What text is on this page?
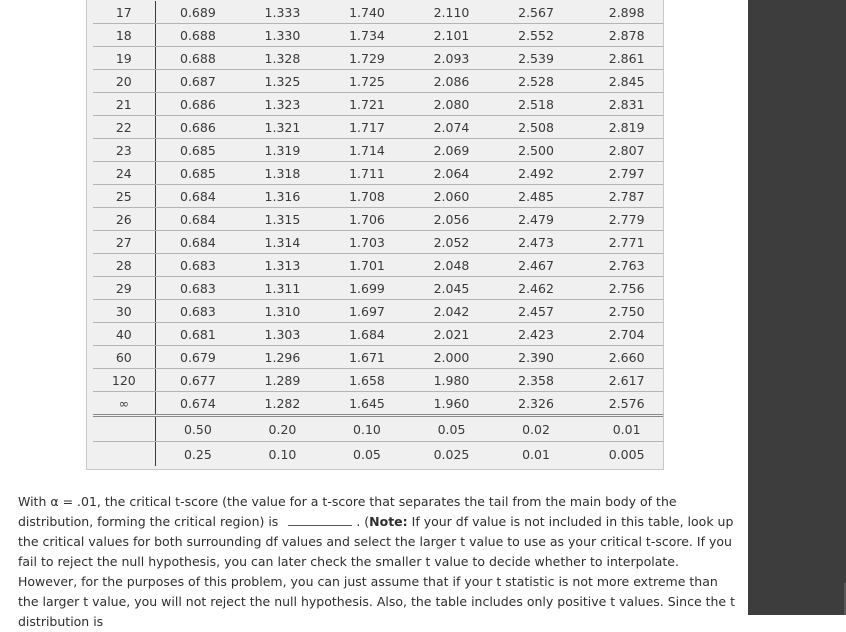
17	0.689	1.333	1.740	2.110	2.567	2.898
18	0.688	1.330	1.734	2.101	2.552	2.878
19	0.688	1.328	1.729	2.093	2.539	2.861
20	0.687	1.325	1.725	2.086	2.528	2.845
21	0.686	1.323	1.721	2.080	2.518	2.831
22	0.686	1.321	1.717	2.074	2.508	2.819
23	0.685	1.319	1.714	2.069	2.500	2.807
24	0.685	1.318	1.711	2.064	2.492	2.797
25	0.684	1.316	1.708	2.060	2.485	2.787
26	0.684	1.315	1.706	2.056	2.479	2.779
27	0.684	1.314	1.703	2.052	2.473	2.771
28	0.683	1.313	1.701	2.048	2.467	2.763
29	0.683	1.311	1.699	2.045	2.462	2.756
30	0.683	1.310	1.697	2.042	2.457	2.750
40	0.681	1.303	1.684	2.021	2.423	2.704
60	0.679	1.296	1.671	2.000	2.390	2.660
120	0.677	1.289	1.658	1.980	2.358	2.617
∞	0.674	1.282	1.645	1.960	2.326	2.576
	0.50	0.20	0.10	0.05	0.02	0.01
	0.25	0.10	0.05	0.025	0.01	0.005

With α = .01, the critical t-score (the value for a t-score that separates the tail from the main body of the distribution, forming the critical region) is	. (Note: If your df value is not included in this table, look up the critical values for both surrounding df values and select the larger t value to use as your critical t-score. If you fail to reject the null hypothesis, you can later check the smaller t value to decide whether to interpolate. However, for the purposes of this problem, you can just assume that if your t statistic is not more extreme than the larger t value, you will not reject the null hypothesis. Also, the table includes only positive t values. Since the t distribution is
